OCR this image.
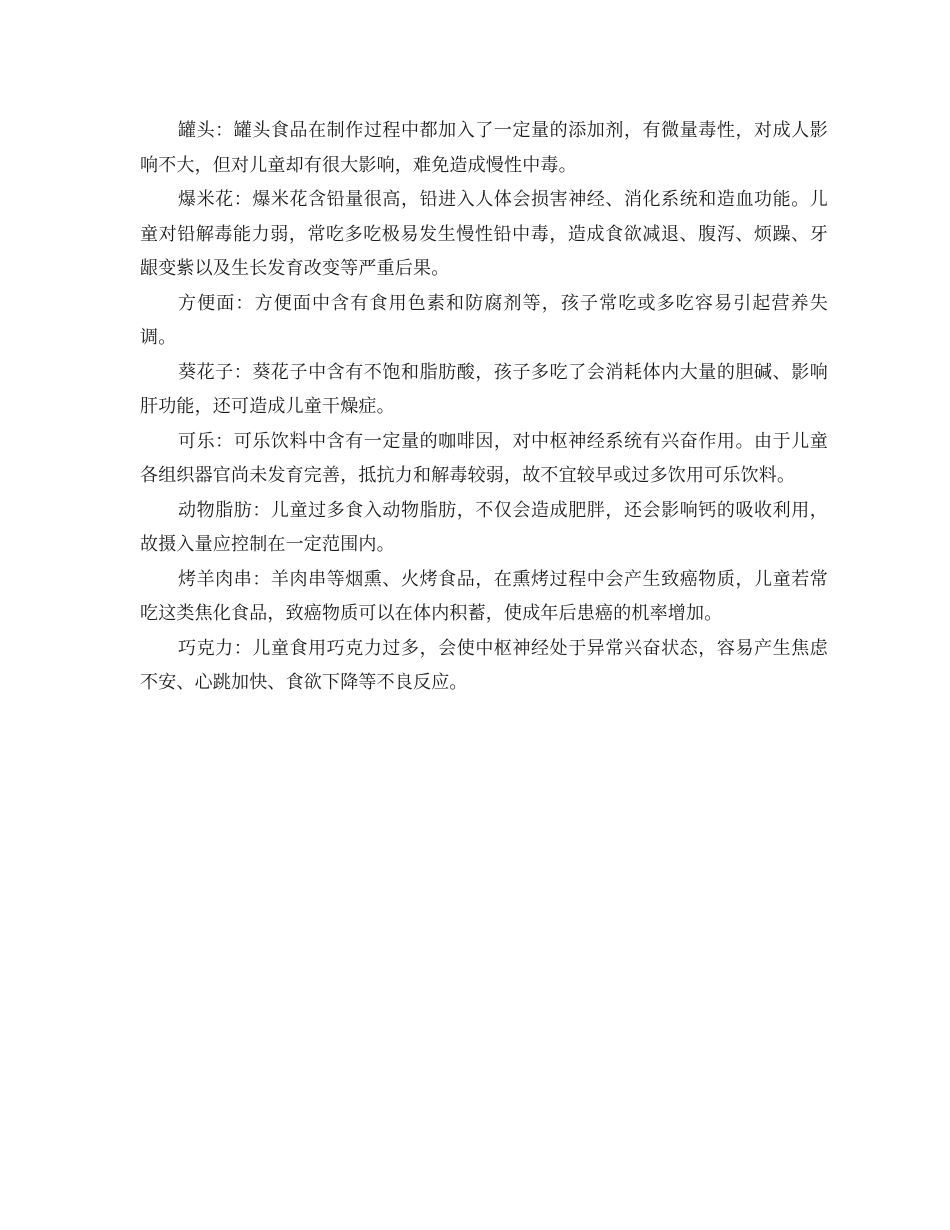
罐头：罐头食品在制作过程中都加入了一定量的添加剂，有微量毒性，对成人影响不大，但对儿童却有很大影响，难免造成慢性中毒。

爆米花：爆米花含铅量很高，铅进入人体会损害神经、消化系统和造血功能。儿童对铅解毒能力弱，常吃多吃极易发生慢性铅中毒，造成食欲减退、腹泻、烦躁、牙龈变紫以及生长发育改变等严重后果。

方便面：方便面中含有食用色素和防腐剂等，孩子常吃或多吃容易引起营养失调。

葵花子：葵花子中含有不饱和脂肪酸，孩子多吃了会消耗体内大量的胆碱、影响肝功能，还可造成儿童干燥症。

可乐：可乐饮料中含有一定量的咖啡因，对中枢神经系统有兴奋作用。由于儿童各组织器官尚未发育完善，抵抗力和解毒较弱，故不宜较早或过多饮用可乐饮料。

动物脂肪：儿童过多食入动物脂肪，不仅会造成肥胖，还会影响钙的吸收利用，故摄入量应控制在一定范围内。

烤羊肉串：羊肉串等烟熏、火烤食品，在熏烤过程中会产生致癌物质，儿童若常吃这类焦化食品，致癌物质可以在体内积蓄，使成年后患癌的机率增加。

巧克力：儿童食用巧克力过多，会使中枢神经处于异常兴奋状态，容易产生焦虑不安、心跳加快、食欲下降等不良反应。
